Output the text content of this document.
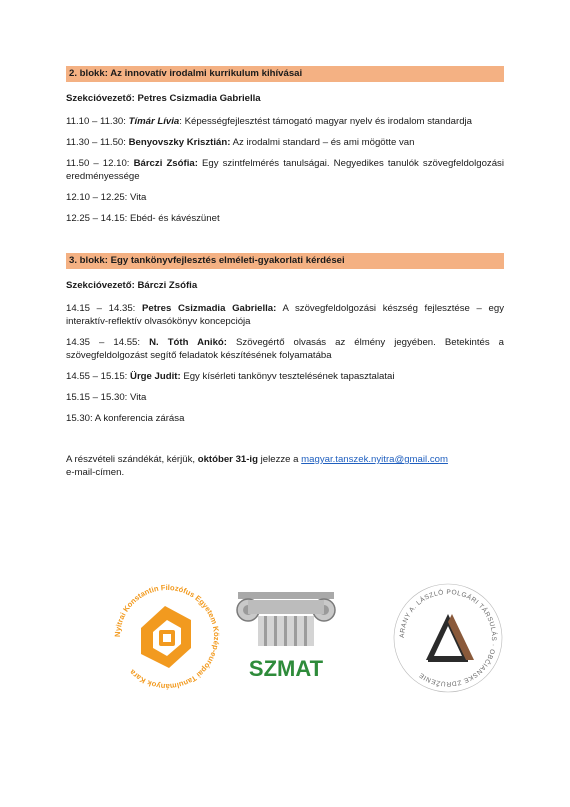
2. blokk: Az innovatív irodalmi kurrikulum kihívásai

Szekcióvezető: Petres Csizmadia Gabriella

11.10 – 11.30: Tímár Lívia: Képességfejlesztést támogató magyar nyelv és irodalom standardja

11.30 – 11.50: Benyovszky Krisztián: Az irodalmi standard – és ami mögötte van

11.50 – 12.10: Bárczi Zsófia: Egy szintfelmérés tanulságai. Negyedikes tanulók szövegfeldolgozási eredményessége

12.10 – 12.25: Vita

12.25 – 14.15: Ebéd- és kávészünet

3. blokk: Egy tankönyvfejlesztés elméleti-gyakorlati kérdései

Szekcióvezető: Bárczi Zsófia

14.15 – 14.35: Petres Csizmadia Gabriella: A szövegfeldolgozási készség fejlesztése – egy interaktív-reflektív olvasókönyv koncepciója

14.35 – 14.55: N. Tóth Anikó: Szövegértő olvasás az élmény jegyében. Betekintés a szövegfeldolgozást segítő feladatok készítésének folyamatába

14.55 – 15.15: Ürge Judit: Egy kísérleti tankönyv tesztelésének tapasztalatai

15.15 – 15.30: Vita

15.30: A konferencia zárása

A részvételi szándékát, kérjük, október 31-ig jelezze a magyar.tanszek.nyitra@gmail.com
e-mail-címen.

Nyitrai Konstantin Filozófus Egyetem Közép-európai Tanulmányok Kara	SZMAT
ARANY A. LÁSZLÓ POLGÁRI TÁRSULÁS · OBČIANSKE ZDRUŽENIE
